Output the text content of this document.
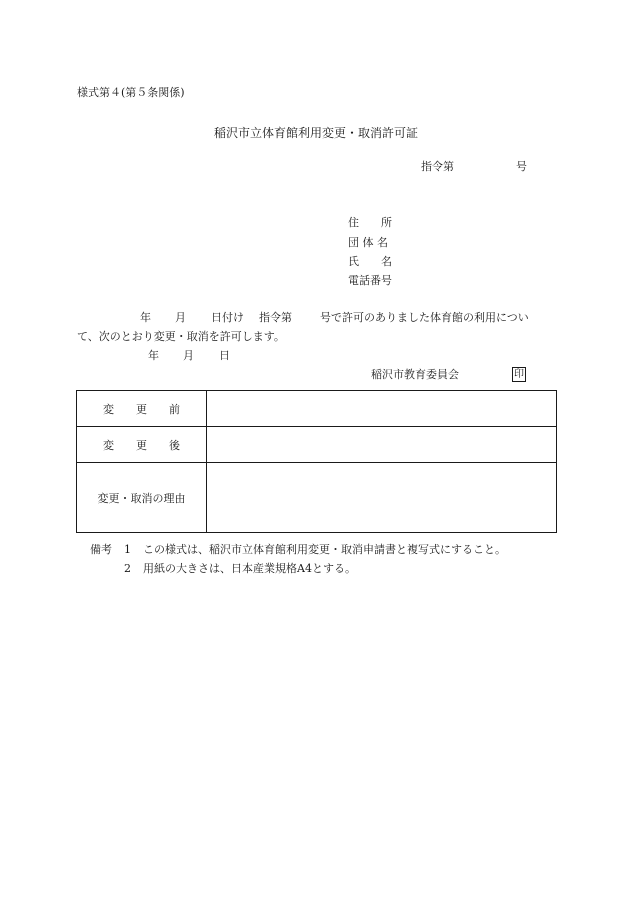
様式第４(第５条関係)
稲沢市立体育館利用変更・取消許可証
指令第	号
住　　所
団 体 名
氏　　名
電話番号
年 月 日付け 指令第	号で許可のありました体育館の利用につい
て、次のとおり変更・取消を許可します。
年 月 日
稲沢市教育委員会	印
変　　更　　前	
変　　更　　後	
変更・取消の理由	
備考 1 この様式は、稲沢市立体育館利用変更・取消申請書と複写式にすること。
2 用紙の大きさは、日本産業規格A4とする。
